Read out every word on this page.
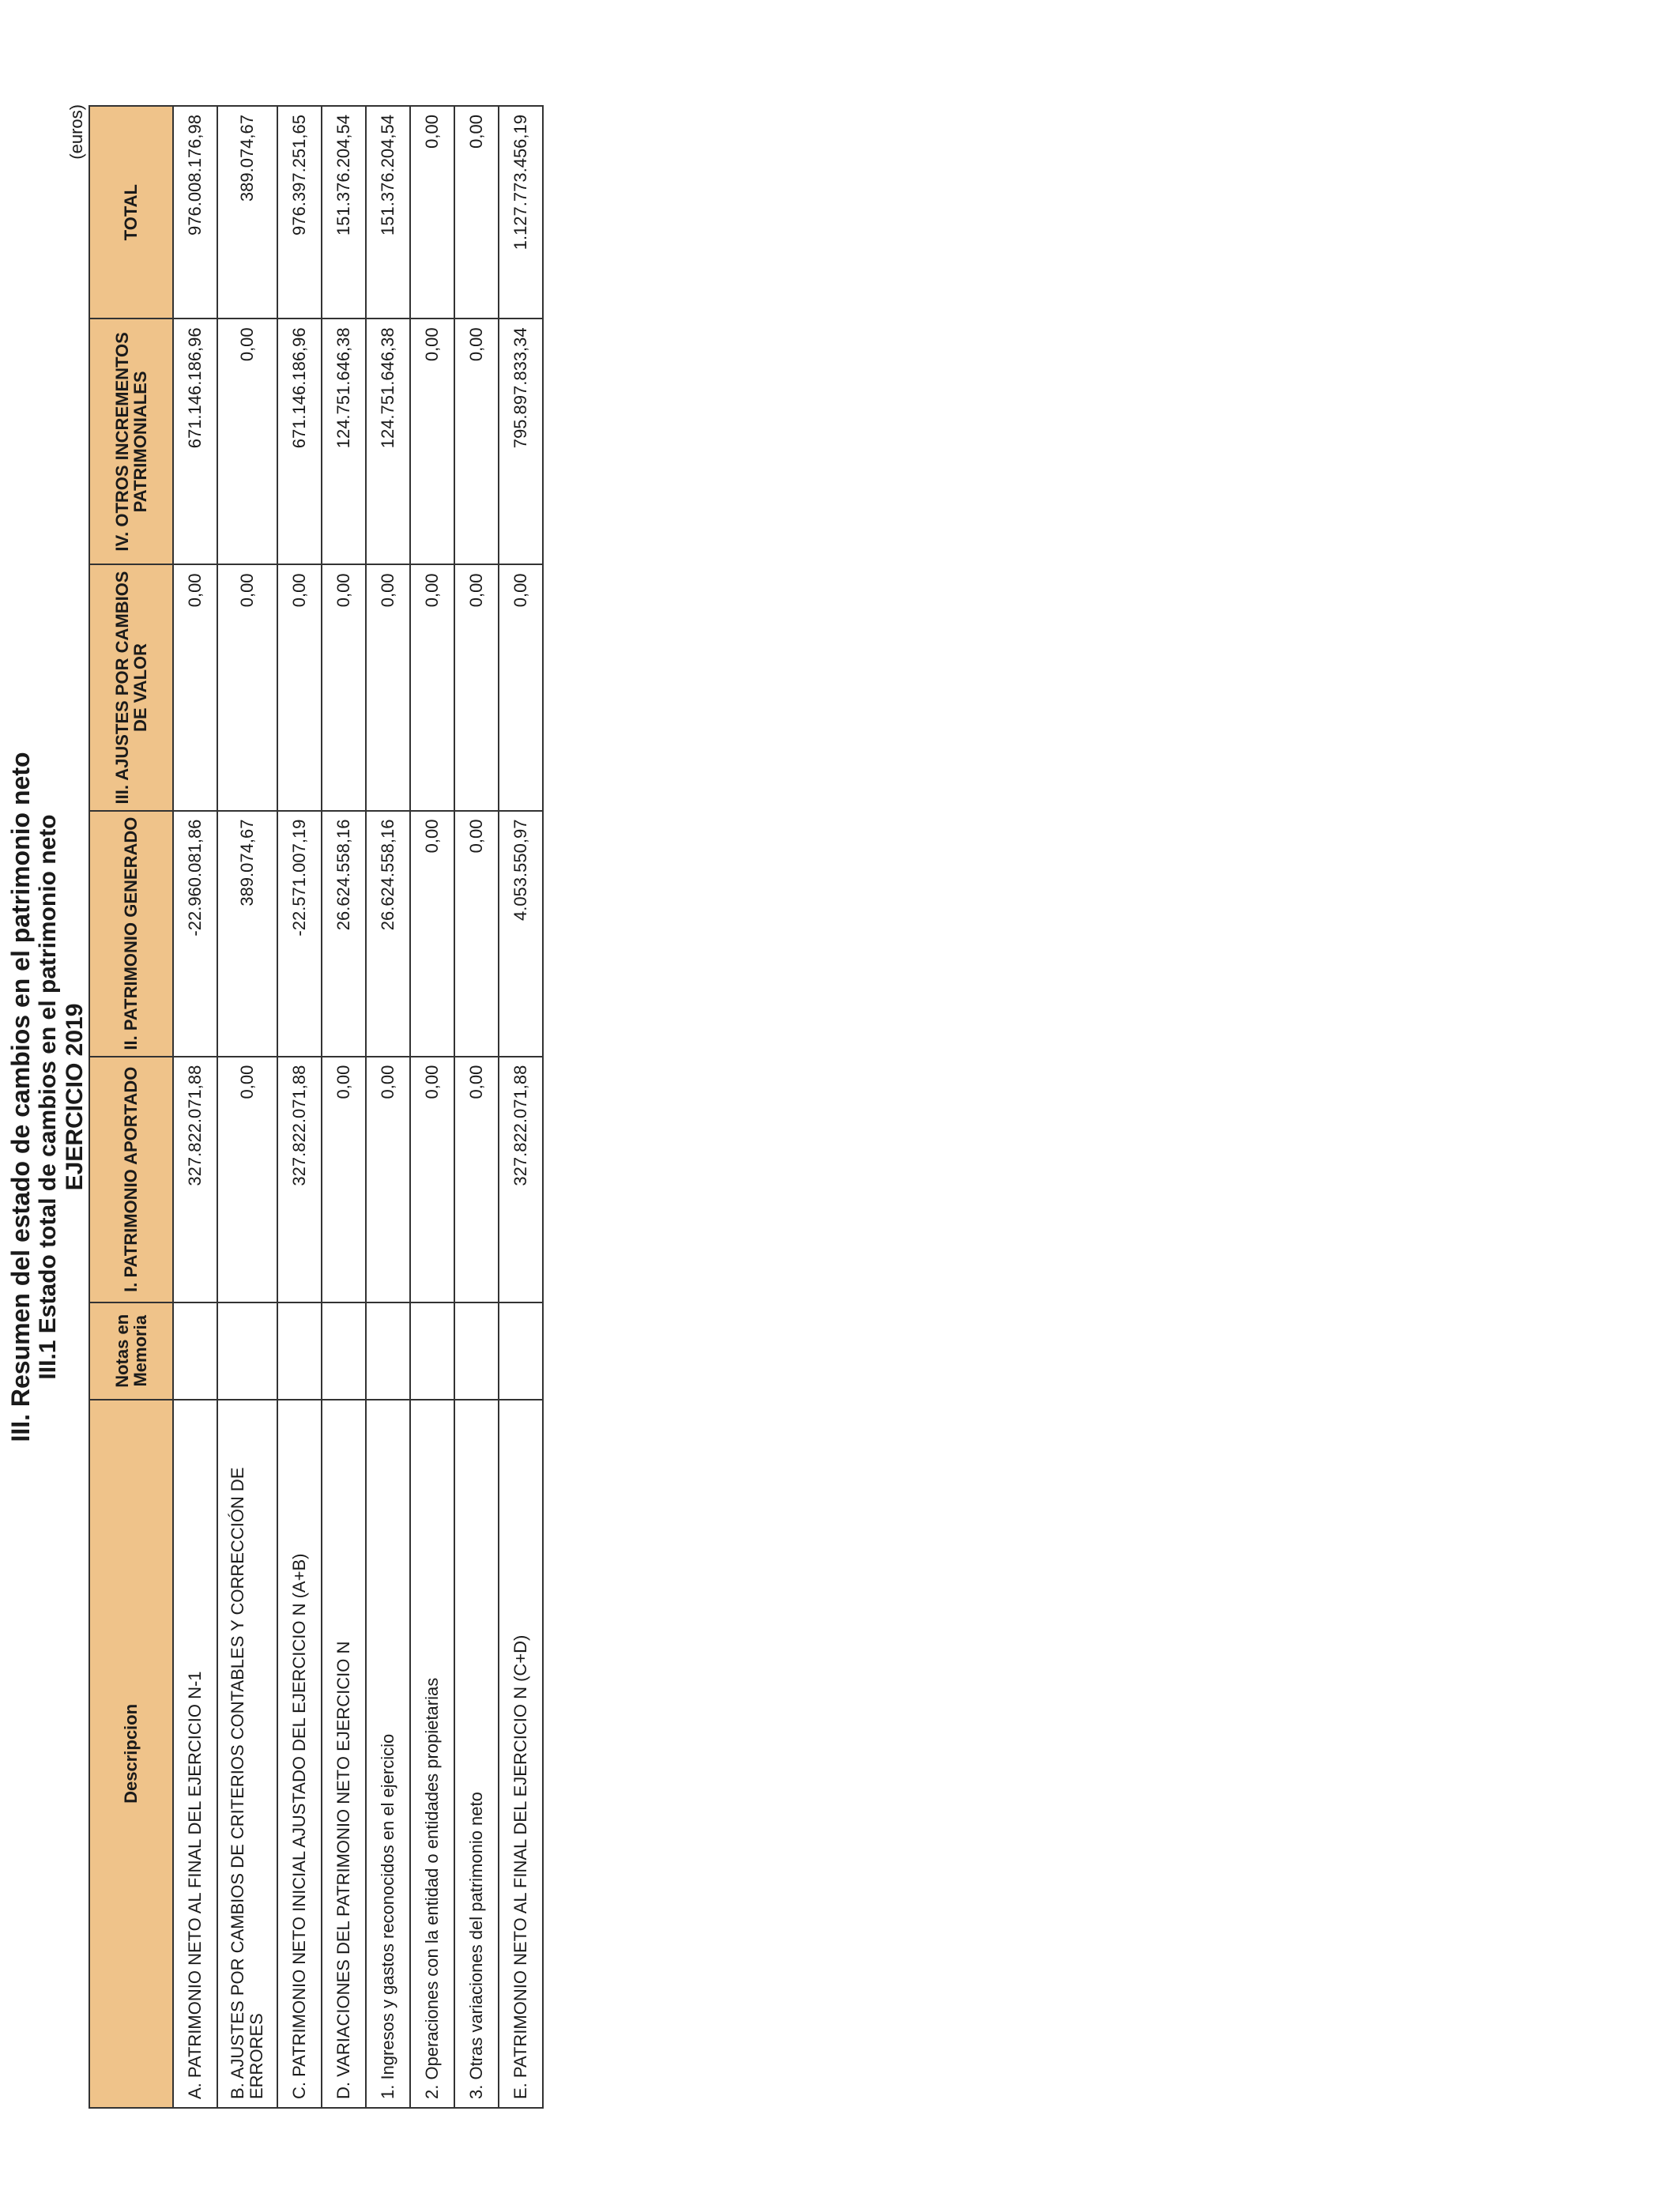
III. Resumen del estado de cambios en el patrimonio neto III.1 Estado total de cambios en el patrimonio neto EJERCICIO 2019
(euros)
Descripcion	Notas en Memoria	I. PATRIMONIO APORTADO	II. PATRIMONIO GENERADO	III. AJUSTES POR CAMBIOS DE VALOR	IV. OTROS INCREMENTOS PATRIMONIALES	TOTAL
A. PATRIMONIO NETO AL FINAL DEL EJERCICIO N-1		327.822.071,88	-22.960.081,86	0,00	671.146.186,96	976.008.176,98

B. AJUSTES POR CAMBIOS DE CRITERIOS CONTABLES Y CORRECCIÓN DE ERRORES		0,00	389.074,67	0,00	0,00	389.074,67
C. PATRIMONIO NETO INICIAL AJUSTADO DEL EJERCICIO N (A+B)		327.822.071,88	-22.571.007,19	0,00	671.146.186,96	976.397.251,65
D. VARIACIONES DEL PATRIMONIO NETO EJERCICIO N		0,00	26.624.558,16	0,00	124.751.646,38	151.376.204,54
1. Ingresos y gastos reconocidos en el ejercicio		0,00	26.624.558,16	0,00	124.751.646,38	151.376.204,54
2. Operaciones con la entidad o entidades propietarias		0,00	0,00	0,00	0,00	0,00
3. Otras variaciones del patrimonio neto		0,00	0,00	0,00	0,00	0,00
E. PATRIMONIO NETO AL FINAL DEL EJERCICIO N (C+D)		327.822.071,88	4.053.550,97	0,00	795.897.833,34	1.127.773.456,19
